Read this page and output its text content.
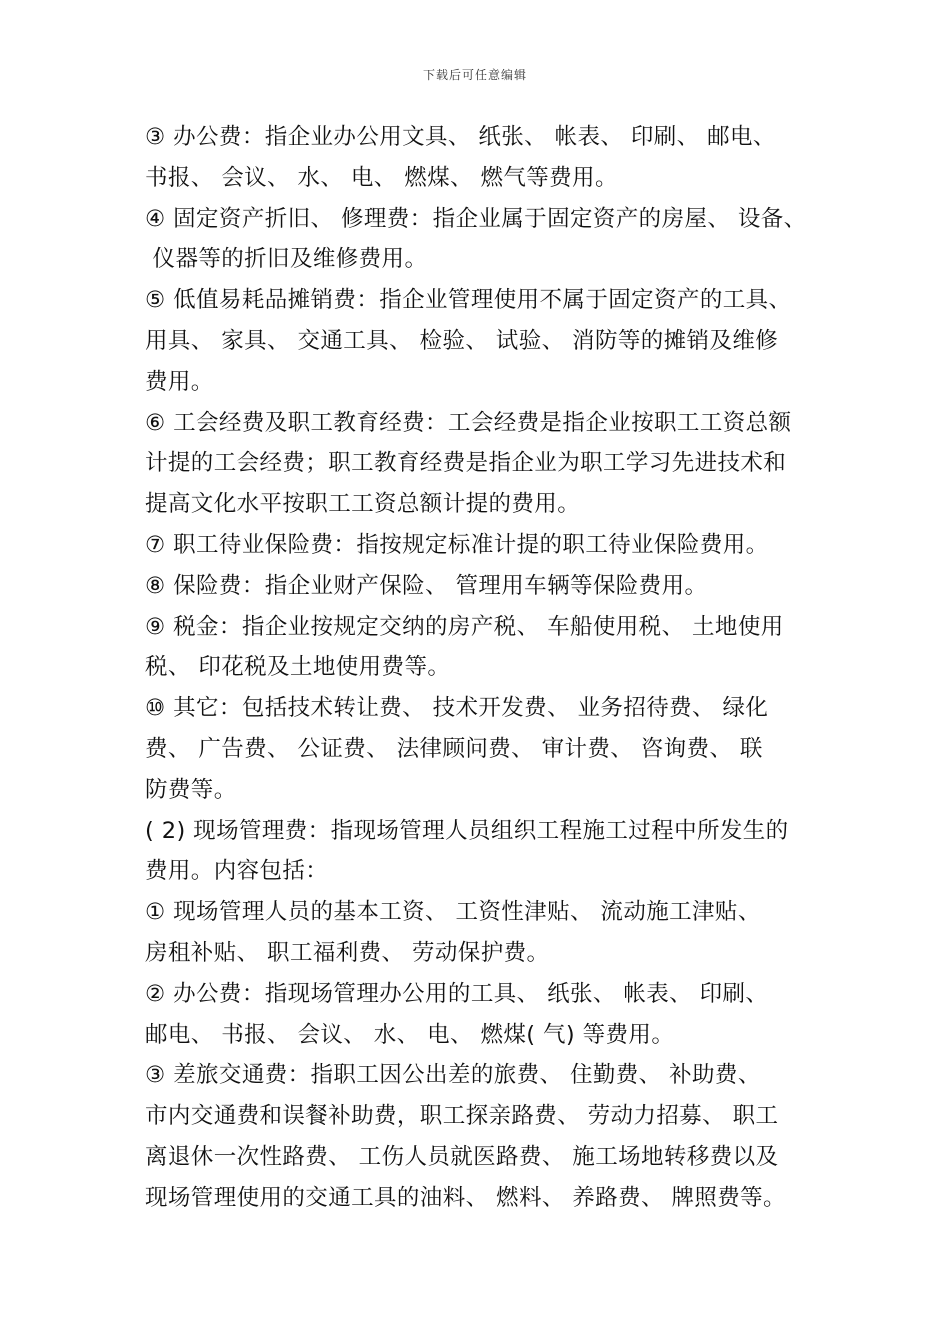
下载后可任意编辑
③ 办公费：指企业办公用文具、 纸张、 帐表、 印刷、 邮电、
书报、 会议、 水、 电、 燃煤、 燃气等费用。
④ 固定资产折旧、 修理费：指企业属于固定资产的房屋、 设备、
仪器等的折旧及维修费用。
⑤ 低值易耗品摊销费：指企业管理使用不属于固定资产的工具、
用具、 家具、 交通工具、 检验、 试验、 消防等的摊销及维修
费用。
⑥ 工会经费及职工教育经费：工会经费是指企业按职工工资总额
计提的工会经费；职工教育经费是指企业为职工学习先进技术和
提高文化水平按职工工资总额计提的费用。
⑦ 职工待业保险费：指按规定标准计提的职工待业保险费用。
⑧ 保险费：指企业财产保险、 管理用车辆等保险费用。
⑨ 税金：指企业按规定交纳的房产税、 车船使用税、 土地使用
税、 印花税及土地使用费等。
⑩ 其它：包括技术转让费、 技术开发费、 业务招待费、 绿化
费、 广告费、 公证费、 法律顾问费、 审计费、 咨询费、 联
防费等。
( 2) 现场管理费：指现场管理人员组织工程施工过程中所发生的
费用。内容包括：
① 现场管理人员的基本工资、 工资性津贴、 流动施工津贴、
房租补贴、 职工福利费、 劳动保护费。
② 办公费：指现场管理办公用的工具、 纸张、 帐表、 印刷、
邮电、 书报、 会议、 水、 电、 燃煤( 气) 等费用。
③ 差旅交通费：指职工因公出差的旅费、 住勤费、 补助费、
市内交通费和误餐补助费，职工探亲路费、 劳动力招募、 职工
离退休一次性路费、 工伤人员就医路费、 施工场地转移费以及
现场管理使用的交通工具的油料、 燃料、 养路费、 牌照费等。
